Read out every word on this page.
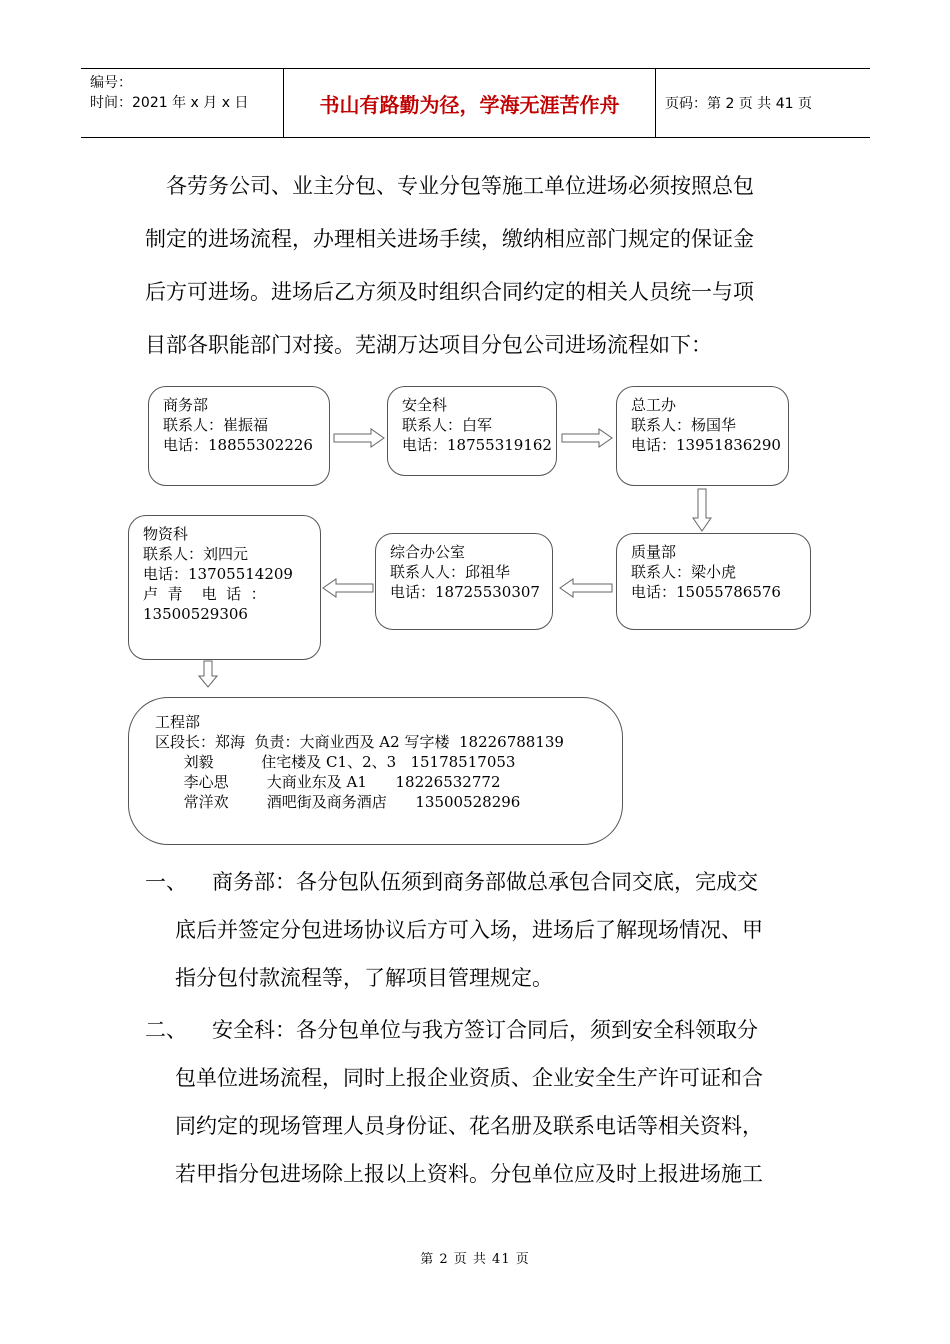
编号：
时间：2021 年 x 月 x 日	书山有路勤为径，学海无涯苦作舟	页码：第 2 页 共 41 页
各劳务公司、业主分包、专业分包等施工单位进场必须按照总包
制定的进场流程，办理相关进场手续，缴纳相应部门规定的保证金
后方可进场。进场后乙方须及时组织合同约定的相关人员统一与项
目部各职能部门对接。芜湖万达项目分包公司进场流程如下：
商务部
联系人：崔振福
电话：18855302226
安全科
联系人：白军
电话：18755319162
总工办
联系人：杨国华
电话：13951836290
物资科
联系人：刘四元
电话：13705514209
卢  青    电  话  ：
13500529306
综合办公室
联系人人：邱祖华
电话：18725530307
质量部
联系人：梁小虎
电话：15055786576
工程部
区段长：郑海  负责：大商业西及 A2 写字楼  18226788139
刘毅          住宅楼及 C1、2、3   15178517053
李心思        大商业东及 A1      18226532772
常洋欢        酒吧街及商务酒店      13500528296
一、	商务部：各分包队伍须到商务部做总承包合同交底，完成交
底后并签定分包进场协议后方可入场，进场后了解现场情况、甲
指分包付款流程等，了解项目管理规定。
二、	安全科：各分包单位与我方签订合同后，须到安全科领取分
包单位进场流程，同时上报企业资质、企业安全生产许可证和合
同约定的现场管理人员身份证、花名册及联系电话等相关资料，
若甲指分包进场除上报以上资料。分包单位应及时上报进场施工
第 2 页 共 41 页
